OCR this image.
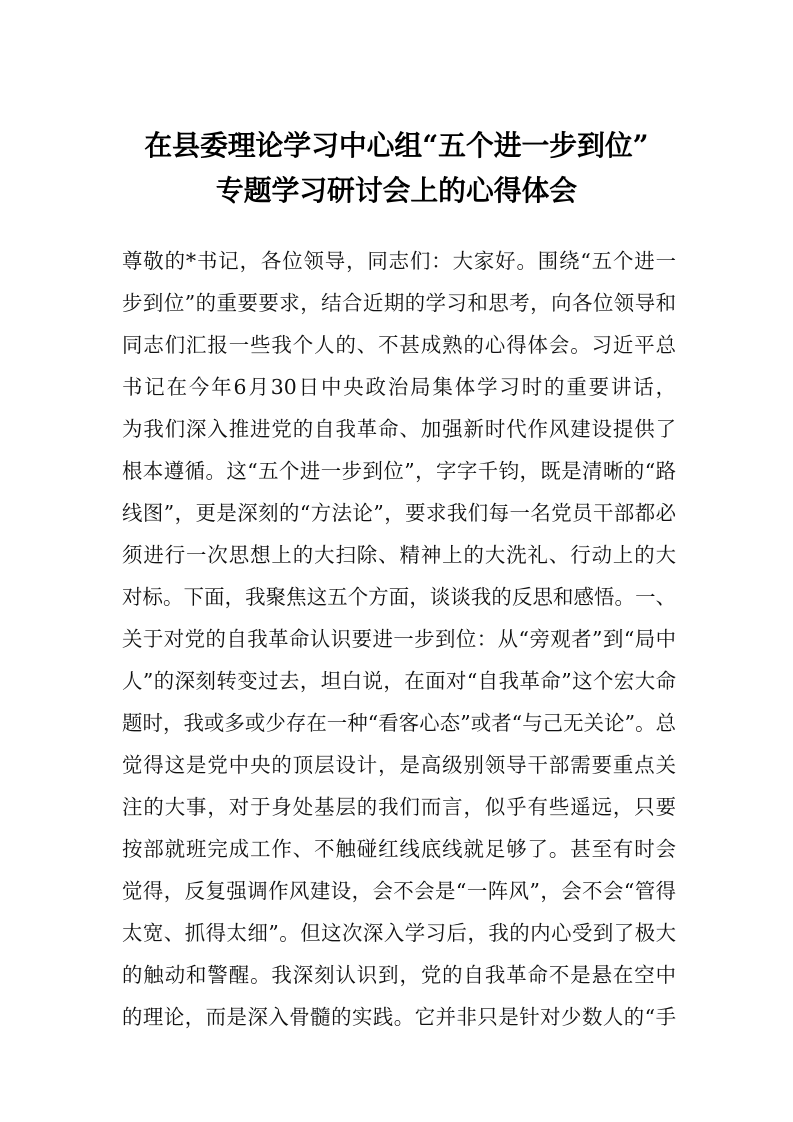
在县委理论学习中心组“五个进一步到位”
专题学习研讨会上的心得体会
尊敬的*书记，各位领导，同志们：大家好。围绕“五个进一
步到位”的重要要求，结合近期的学习和思考，向各位领导和
同志们汇报一些我个人的、不甚成熟的心得体会。习近平总
书记在今年6月30日中央政治局集体学习时的重要讲话，
为我们深入推进党的自我革命、加强新时代作风建设提供了
根本遵循。这“五个进一步到位”，字字千钧，既是清晰的“路
线图”，更是深刻的“方法论”，要求我们每一名党员干部都必
须进行一次思想上的大扫除、精神上的大洗礼、行动上的大
对标。下面，我聚焦这五个方面，谈谈我的反思和感悟。一、
关于对党的自我革命认识要进一步到位：从“旁观者”到“局中
人”的深刻转变过去，坦白说，在面对“自我革命”这个宏大命
题时，我或多或少存在一种“看客心态”或者“与己无关论”。总
觉得这是党中央的顶层设计，是高级别领导干部需要重点关
注的大事，对于身处基层的我们而言，似乎有些遥远，只要
按部就班完成工作、不触碰红线底线就足够了。甚至有时会
觉得，反复强调作风建设，会不会是“一阵风”，会不会“管得
太宽、抓得太细”。但这次深入学习后，我的内心受到了极大
的触动和警醒。我深刻认识到，党的自我革命不是悬在空中
的理论，而是深入骨髓的实践。它并非只是针对少数人的“手
